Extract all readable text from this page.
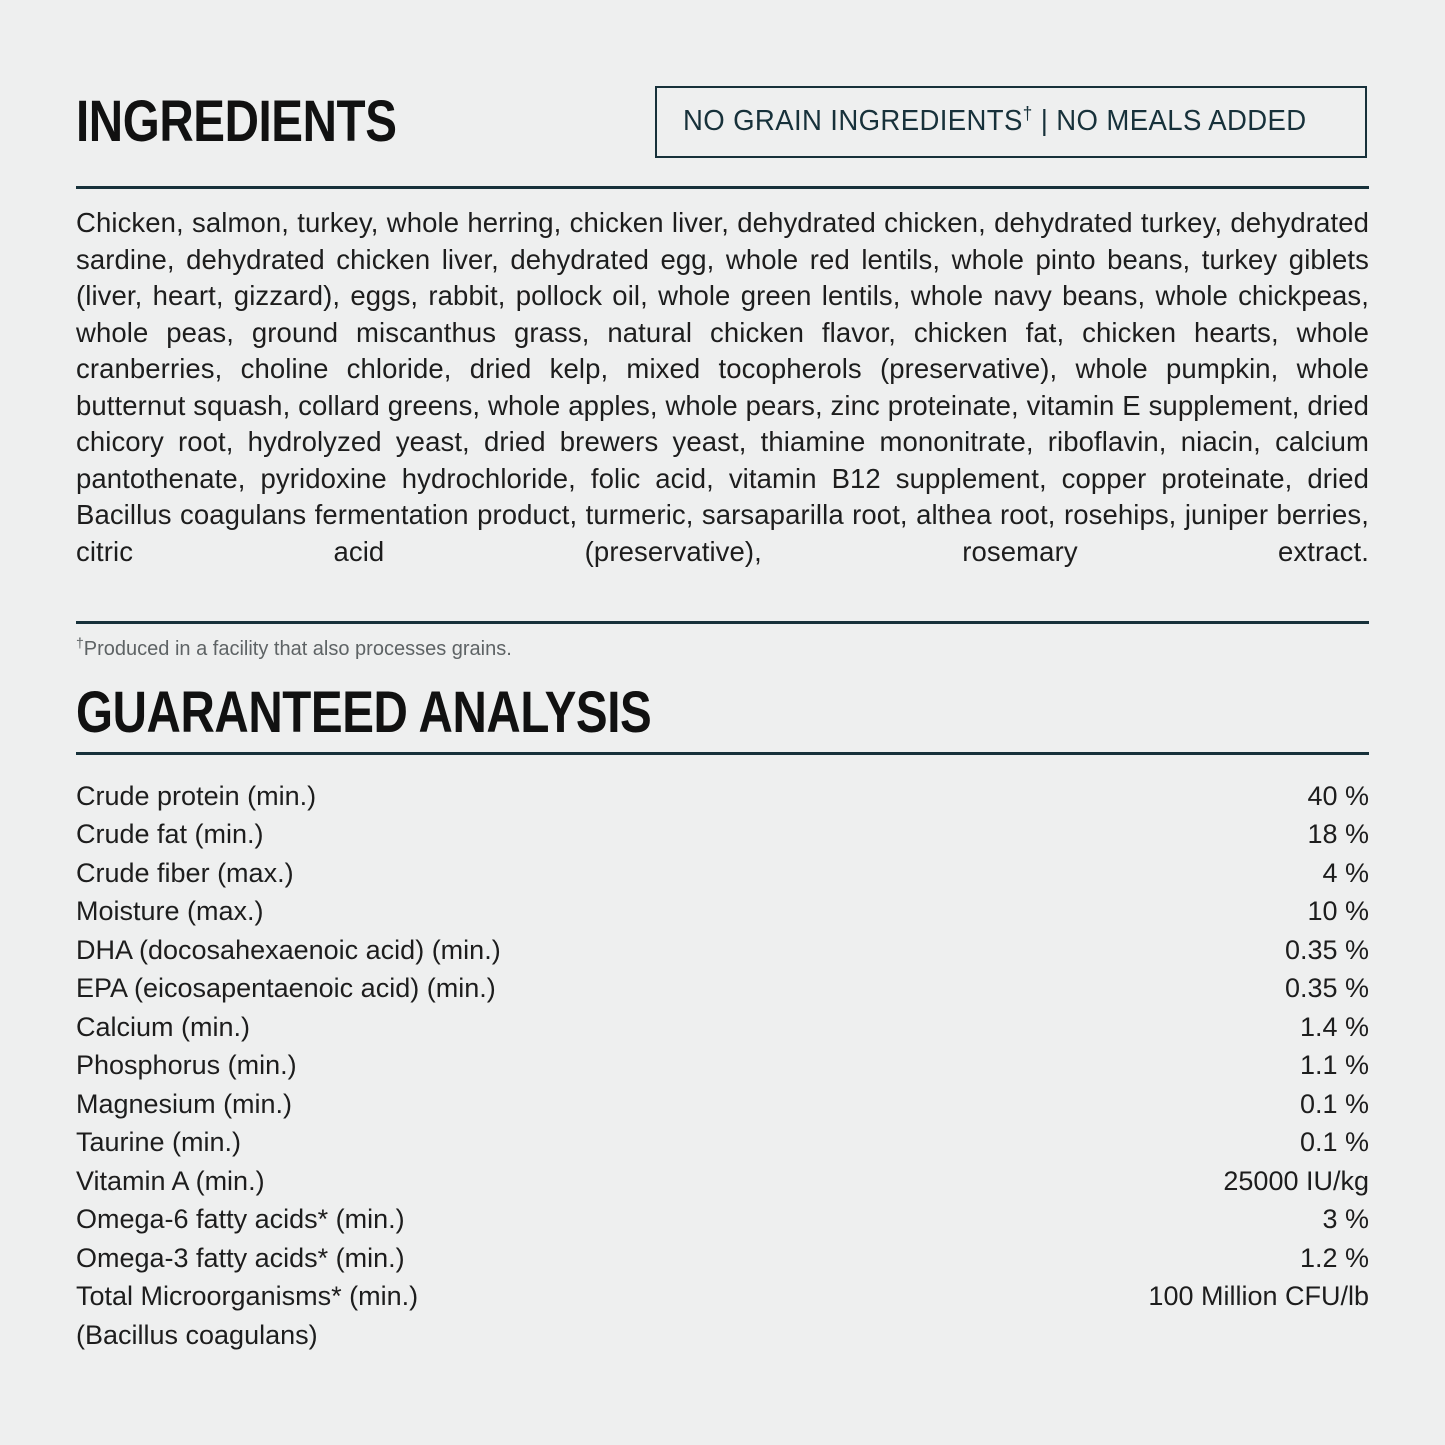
INGREDIENTS	NO GRAIN INGREDIENTS† | NO MEALS ADDED
Chicken, salmon, turkey, whole herring, chicken liver, dehydrated chicken, dehydrated turkey, dehydrated sardine, dehydrated chicken liver, dehydrated egg, whole red lentils, whole pinto beans, turkey giblets (liver, heart, gizzard), eggs, rabbit, pollock oil, whole green lentils, whole navy beans, whole chickpeas, whole peas, ground miscanthus grass, natural chicken flavor, chicken fat, chicken hearts, whole cranberries, choline chloride, dried kelp, mixed tocopherols (preservative), whole pumpkin, whole butternut squash, collard greens, whole apples, whole pears, zinc proteinate, vitamin E supplement, dried chicory root, hydrolyzed yeast, dried brewers yeast, thiamine mononitrate, riboflavin, niacin, calcium pantothenate, pyridoxine hydrochloride, folic acid, vitamin B12 supplement, copper proteinate, dried Bacillus coagulans fermentation product, turmeric, sarsaparilla root, althea root, rosehips, juniper berries, citric acid (preservative), rosemary extract.
†Produced in a facility that also processes grains.
GUARANTEED ANALYSIS
Crude protein (min.)	40 %
Crude fat (min.)	18 %
Crude fiber (max.)	4 %
Moisture (max.)	10 %
DHA (docosahexaenoic acid) (min.)	0.35 %
EPA (eicosapentaenoic acid) (min.)	0.35 %
Calcium (min.)	1.4 %
Phosphorus (min.)	1.1 %
Magnesium (min.)	0.1 %
Taurine (min.)	0.1 %
Vitamin A (min.)	25000 IU/kg
Omega-6 fatty acids* (min.)	3 %
Omega-3 fatty acids* (min.)	1.2 %
Total Microorganisms* (min.)	100 Million CFU/lb
(Bacillus coagulans)
